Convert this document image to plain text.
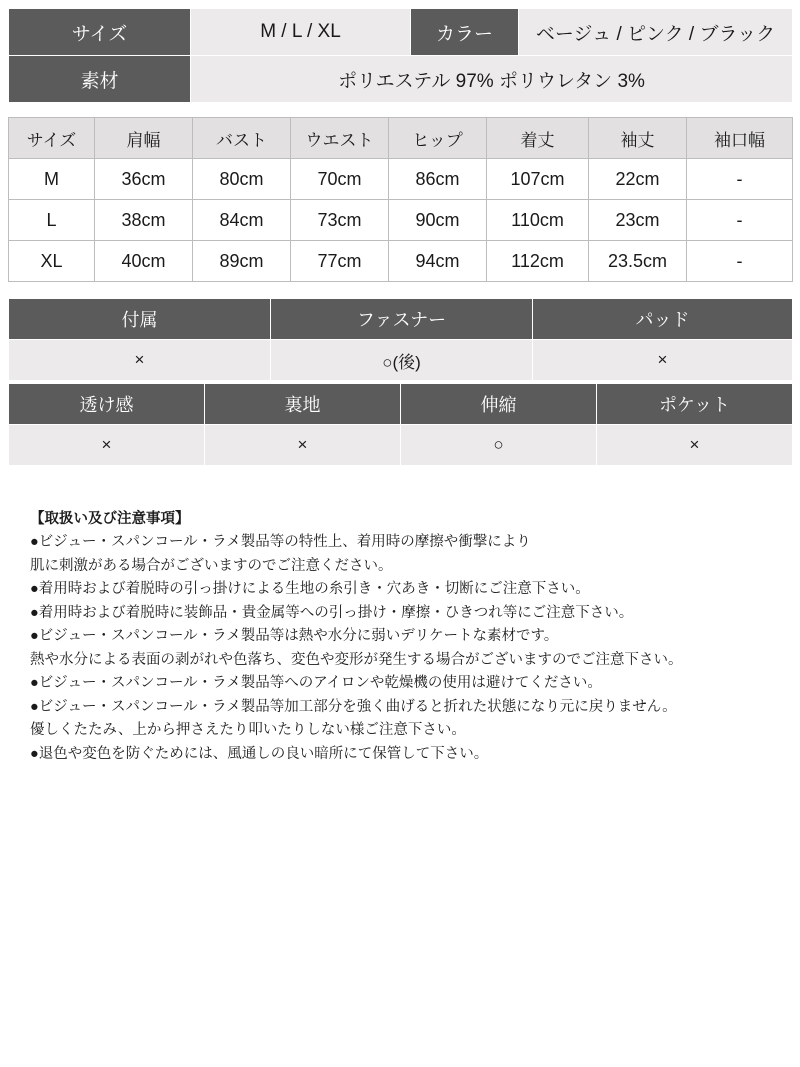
サイズ	M / L / XL	カラー	ベージュ / ピンク / ブラック
素材	ポリエステル 97% ポリウレタン 3%		
サイズ	肩幅	バスト	ウエスト	ヒップ	着丈	袖丈	袖口幅
M	36cm	80cm	70cm	86cm	107cm	22cm	-
L	38cm	84cm	73cm	90cm	110cm	23cm	-
XL	40cm	89cm	77cm	94cm	112cm	23.5cm	-
付属	ファスナー	パッド
×	○(後)	×
透け感	裏地	伸縮	ポケット
×	×	○	×
【取扱い及び注意事項】
●ビジュー・スパンコール・ラメ製品等の特性上、着用時の摩擦や衝撃により
肌に刺激がある場合がございますのでご注意ください。
●着用時および着脱時の引っ掛けによる生地の糸引き・穴あき・切断にご注意下さい。
●着用時および着脱時に装飾品・貴金属等への引っ掛け・摩擦・ひきつれ等にご注意下さい。
●ビジュー・スパンコール・ラメ製品等は熱や水分に弱いデリケートな素材です。
熱や水分による表面の剥がれや色落ち、変色や変形が発生する場合がございますのでご注意下さい。
●ビジュー・スパンコール・ラメ製品等へのアイロンや乾燥機の使用は避けてください。
●ビジュー・スパンコール・ラメ製品等加工部分を強く曲げると折れた状態になり元に戻りません。
優しくたたみ、上から押さえたり叩いたりしない様ご注意下さい。
●退色や変色を防ぐためには、風通しの良い暗所にて保管して下さい。
